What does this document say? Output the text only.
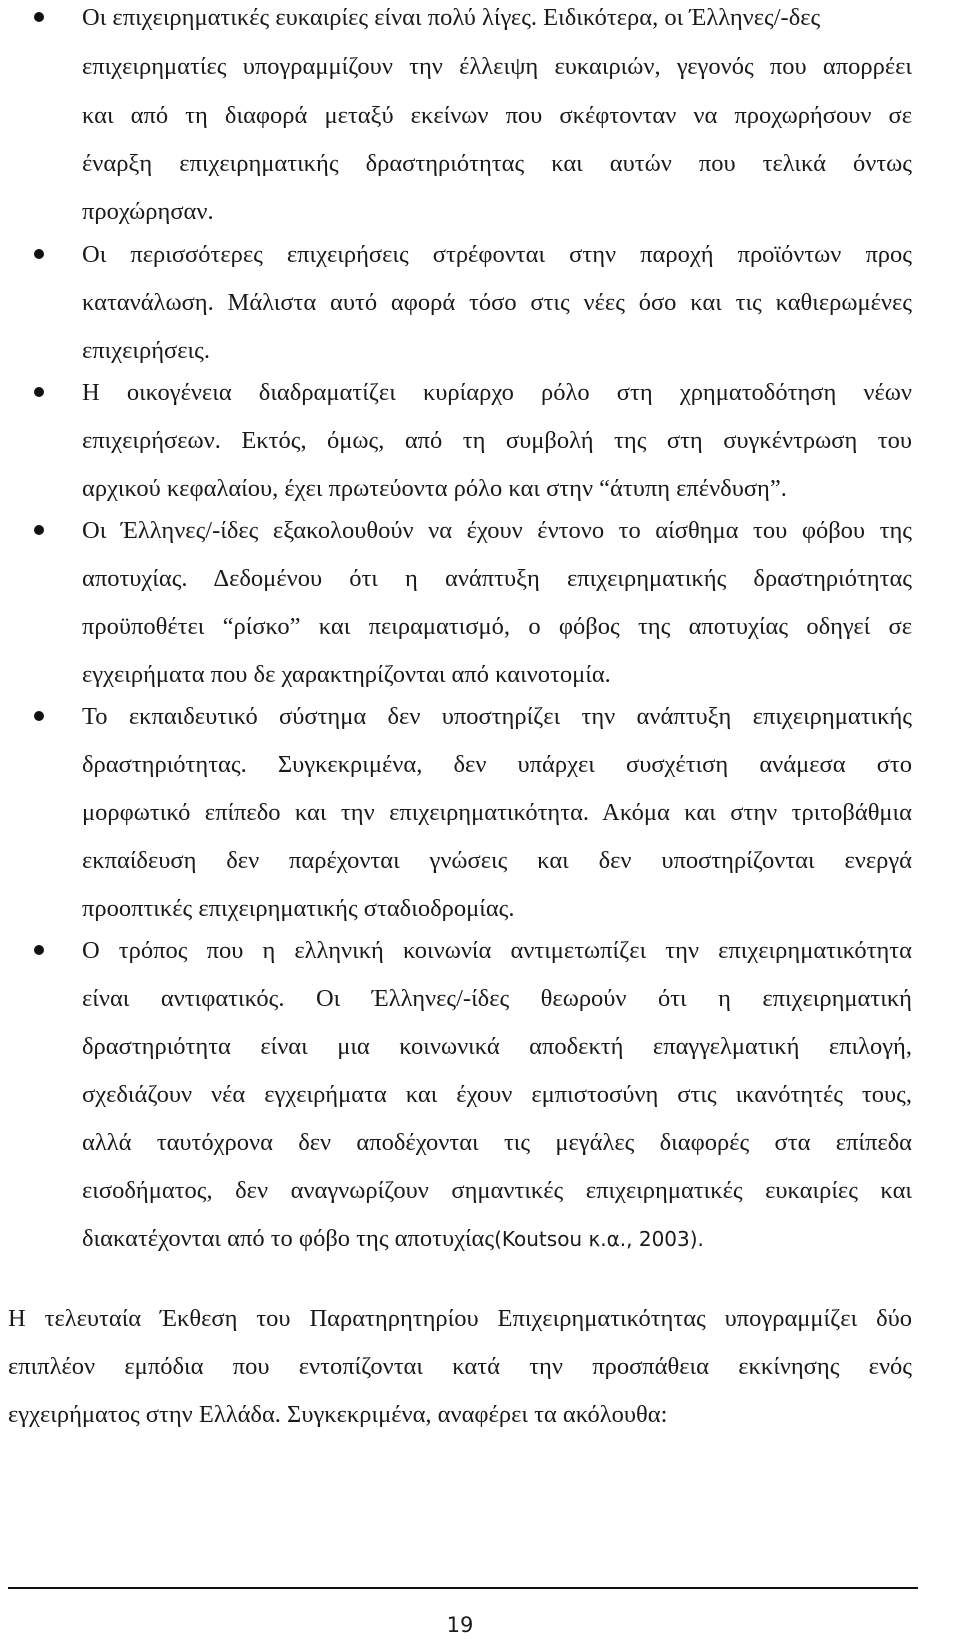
Οι επιχειρηματικές ευκαιρίες είναι πολύ λίγες. Ειδικότερα, οι Έλληνες/-δες
επιχειρηματίες υπογραμμίζουν την έλλειψη ευκαιριών, γεγονός που απορρέει
και από τη διαφορά μεταξύ εκείνων που σκέφτονταν να προχωρήσουν σε
έναρξη επιχειρηματικής δραστηριότητας και αυτών που τελικά όντως
προχώρησαν.
Οι περισσότερες επιχειρήσεις στρέφονται στην παροχή προϊόντων προς
κατανάλωση. Μάλιστα αυτό αφορά τόσο στις νέες όσο και τις καθιερωμένες
επιχειρήσεις.
Η οικογένεια διαδραματίζει κυρίαρχο ρόλο στη χρηματοδότηση νέων
επιχειρήσεων. Εκτός, όμως, από τη συμβολή της στη συγκέντρωση του
αρχικού κεφαλαίου, έχει πρωτεύοντα ρόλο και στην “άτυπη επένδυση”.
Οι Έλληνες/-ίδες εξακολουθούν να έχουν έντονο το αίσθημα του φόβου της
αποτυχίας. Δεδομένου ότι η ανάπτυξη επιχειρηματικής δραστηριότητας
προϋποθέτει “ρίσκο” και πειραματισμό, ο φόβος της αποτυχίας οδηγεί σε
εγχειρήματα που δε χαρακτηρίζονται από καινοτομία.
Το εκπαιδευτικό σύστημα δεν υποστηρίζει την ανάπτυξη επιχειρηματικής
δραστηριότητας. Συγκεκριμένα, δεν υπάρχει συσχέτιση ανάμεσα στο
μορφωτικό επίπεδο και την επιχειρηματικότητα. Ακόμα και στην τριτοβάθμια
εκπαίδευση δεν παρέχονται γνώσεις και δεν υποστηρίζονται ενεργά
προοπτικές επιχειρηματικής σταδιοδρομίας.
Ο τρόπος που η ελληνική κοινωνία αντιμετωπίζει την επιχειρηματικότητα
είναι αντιφατικός. Οι Έλληνες/-ίδες θεωρούν ότι η επιχειρηματική
δραστηριότητα είναι μια κοινωνικά αποδεκτή επαγγελματική επιλογή,
σχεδιάζουν νέα εγχειρήματα και έχουν εμπιστοσύνη στις ικανότητές τους,
αλλά ταυτόχρονα δεν αποδέχονται τις μεγάλες διαφορές στα επίπεδα
εισοδήματος, δεν αναγνωρίζουν σημαντικές επιχειρηματικές ευκαιρίες και
διακατέχονται από το φόβο της αποτυχίας(Koutsou κ.α., 2003).
Η τελευταία Έκθεση του Παρατηρητηρίου Επιχειρηματικότητας υπογραμμίζει δύο
επιπλέον εμπόδια που εντοπίζονται κατά την προσπάθεια εκκίνησης ενός
εγχειρήματος στην Ελλάδα. Συγκεκριμένα, αναφέρει τα ακόλουθα:
19
